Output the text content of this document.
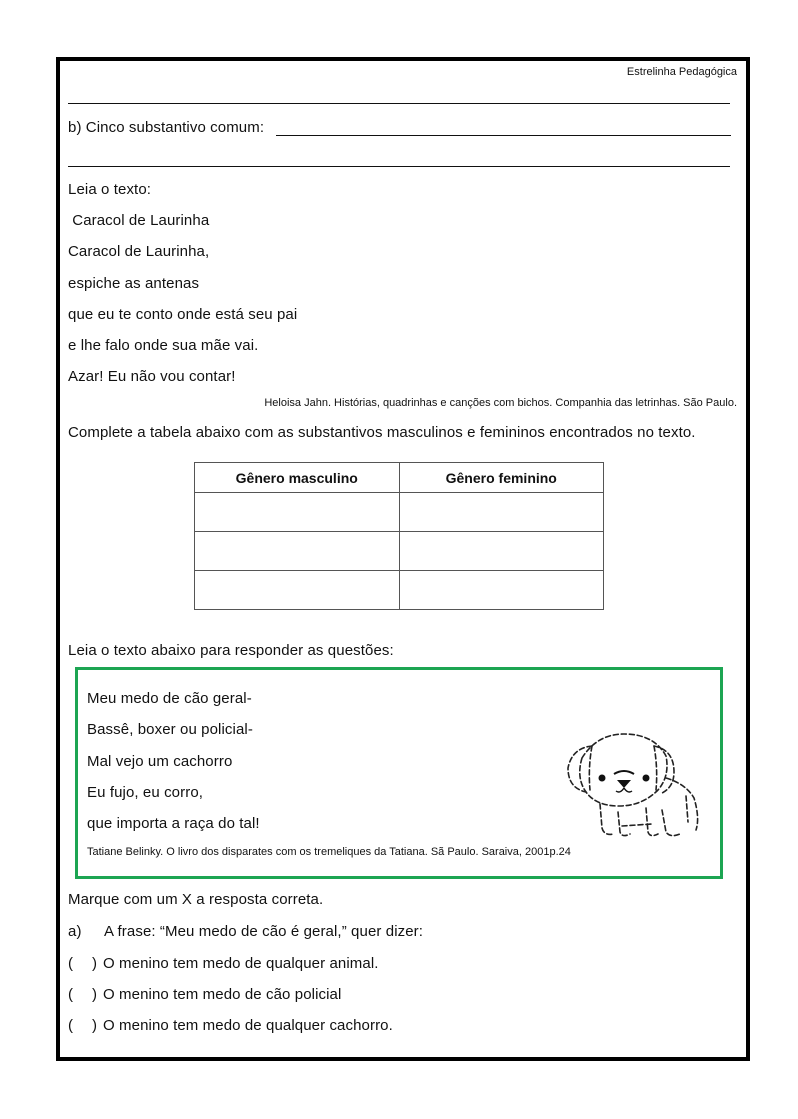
Estrelinha Pedagógica
b) Cinco substantivo comum:
Leia o texto:
Caracol de Laurinha
Caracol de Laurinha,
espiche as antenas
que eu te conto onde está seu pai
e lhe falo onde sua mãe vai.
Azar! Eu não vou contar!
Heloisa Jahn. Histórias, quadrinhas e canções com bichos. Companhia das letrinhas. São Paulo.
Complete a tabela abaixo com as substantivos masculinos e femininos encontrados no texto.
Gênero masculino	Gênero feminino

Leia o texto abaixo para responder as questões:
Meu medo de cão geral-
Bassê, boxer ou policial-
Mal vejo um cachorro
Eu fujo, eu corro,
que importa a raça do tal!
Tatiane Belinky. O livro dos disparates com os tremeliques da Tatiana. Sã Paulo. Saraiva, 2001p.24
Marque com um X a resposta correta.
a) A frase: “Meu medo de cão é geral,” quer dizer:
( ) O menino tem medo de qualquer animal.
( ) O menino tem medo de cão policial
( ) O menino tem medo de qualquer cachorro.
